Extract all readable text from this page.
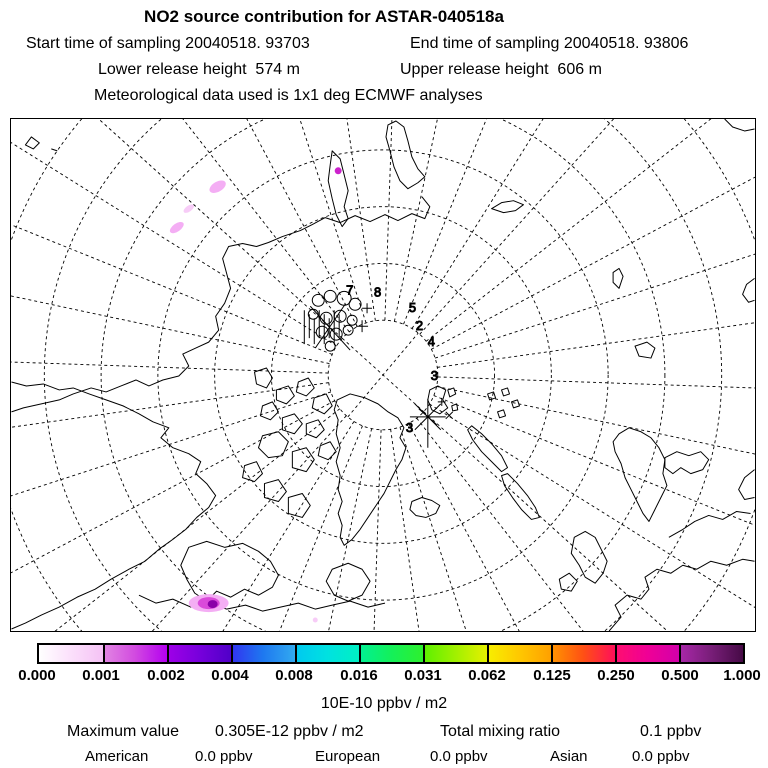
NO2 source contribution for ASTAR-040518a
Start time of sampling 20040518. 93703	End time of sampling 20040518. 93806
Lower release height  574 m	Upper release height  606 m
Meteorological data used is 1x1 deg ECMWF analyses
7 8
5
2
4
3
3
0.000 0.001 0.002 0.004 0.008 0.016 0.031 0.062 0.125 0.250 0.500 1.000
10E-10 ppbv / m2
Maximum value 0.305E-12 ppbv / m2	Total mixing ratio	0.1 ppbv
American	0.0 ppbv	European	0.0 ppbv	Asian	0.0 ppbv
